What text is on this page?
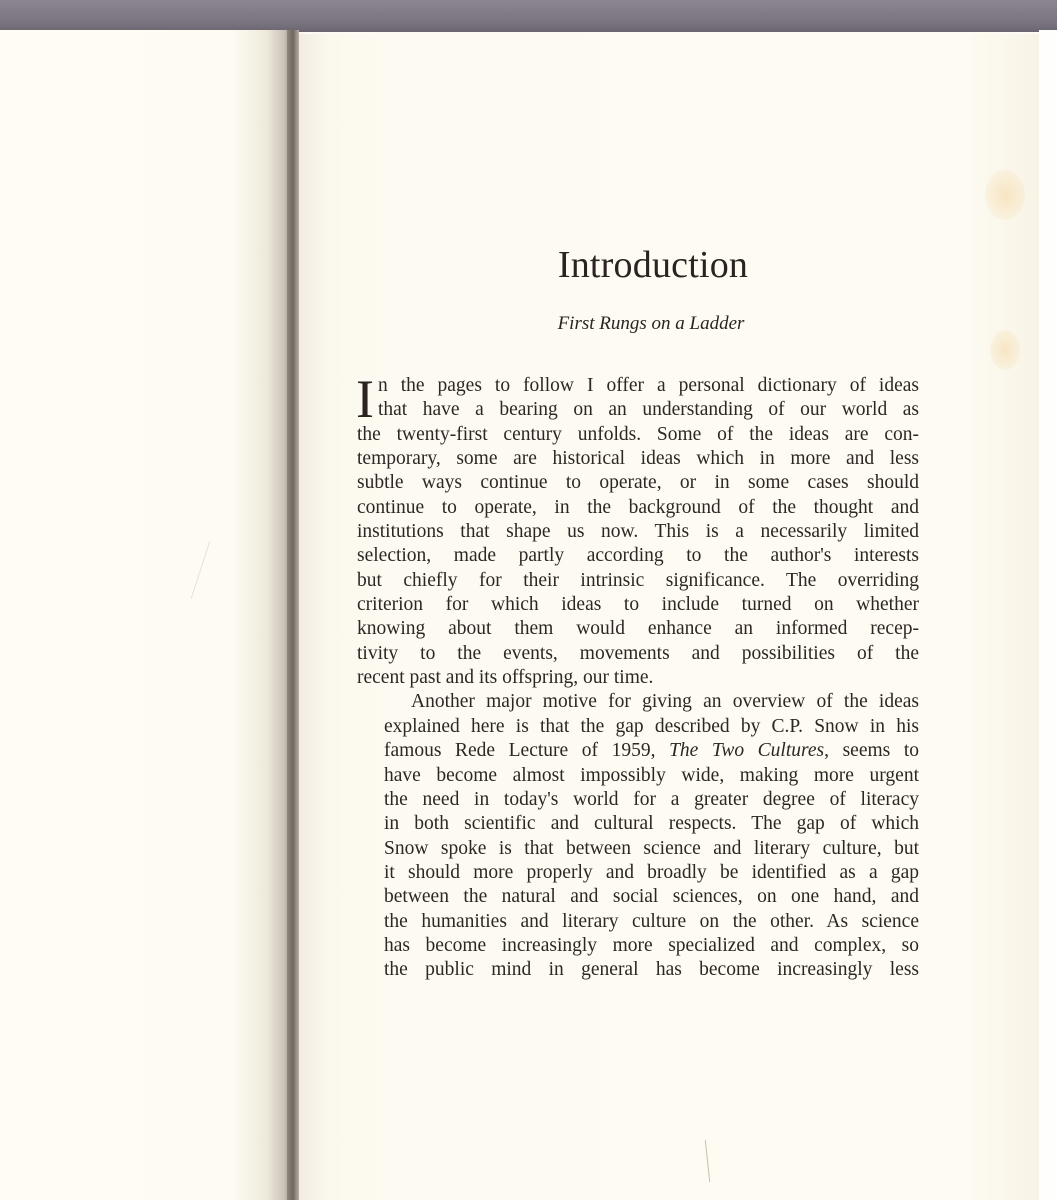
Introduction
First Rungs on a Ladder
I n the pages to follow I offer a personal dictionary of ideas
that have a bearing on an understanding of our world as
the twenty-first century unfolds. Some of the ideas are con-
temporary, some are historical ideas which in more and less
subtle ways continue to operate, or in some cases should
continue to operate, in the background of the thought and
institutions that shape us now. This is a necessarily limited
selection, made partly according to the author's interests
but chiefly for their intrinsic significance. The overriding
criterion for which ideas to include turned on whether
knowing about them would enhance an informed recep-
tivity to the events, movements and possibilities of the
recent past and its offspring, our time.
Another major motive for giving an overview of the ideas
explained here is that the gap described by C.P. Snow in his
famous Rede Lecture of 1959, The Two Cultures, seems to
have become almost impossibly wide, making more urgent
the need in today's world for a greater degree of literacy
in both scientific and cultural respects. The gap of which
Snow spoke is that between science and literary culture, but
it should more properly and broadly be identified as a gap
between the natural and social sciences, on one hand, and
the humanities and literary culture on the other. As science
has become increasingly more specialized and complex, so
the public mind in general has become increasingly less
